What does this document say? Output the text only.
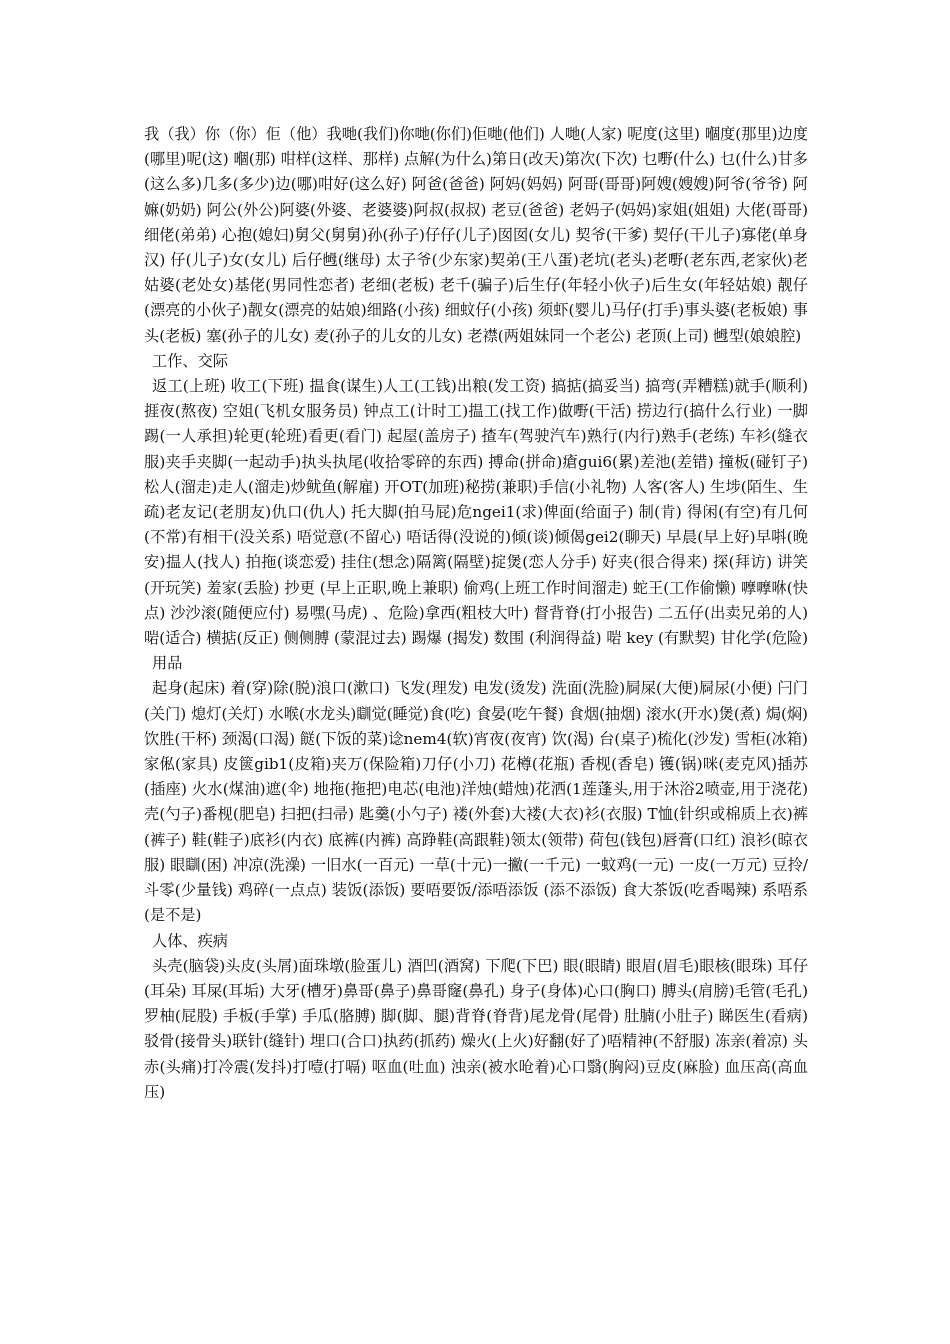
我（我）你（你）佢（他）我哋(我们)你哋(你们)佢哋(他们) 人哋(人家) 呢度(这里) 嗰度(那里)边度(哪里)呢(这) 嗰(那) 咁样(这样、那样) 点解(为什么)第日(改天)第次(下次) 乜嘢(什么) 乜(什么)甘多(这么多)几多(多少)边(哪)咁好(这么好) 阿爸(爸爸) 阿妈(妈妈) 阿哥(哥哥)阿嫂(嫂嫂)阿爷(爷爷) 阿嫲(奶奶) 阿公(外公)阿婆(外婆、老婆婆)阿叔(叔叔) 老豆(爸爸) 老妈子(妈妈)家姐(姐姐) 大佬(哥哥)细佬(弟弟) 心抱(媳妇)舅父(舅舅)孙(孙子)仔仔(儿子)囡囡(女儿) 契爷(干爹) 契仔(干儿子)寡佬(单身汉) 仔(儿子)女(女儿) 后仔乸(继母) 太子爷(少东家)契弟(王八蛋)老坑(老头)老嘢(老东西,老家伙)老姑婆(老处女)基佬(男同性恋者) 老细(老板) 老千(骗子)后生仔(年轻小伙子)后生女(年轻姑娘) 靓仔(漂亮的小伙子)靓女(漂亮的姑娘)细路(小孩) 细蚊仔(小孩) 须虾(婴儿)马仔(打手)事头婆(老板娘) 事头(老板) 塞(孙子的儿女) 麦(孙子的儿女的儿女) 老襟(两姐妹同一个老公) 老顶(上司) 乸型(娘娘腔)

工作、交际

返工(上班) 收工(下班) 揾食(谋生)人工(工钱)出粮(发工资) 搞掂(搞妥当) 搞弯(弄糟糕)就手(顺利)捱夜(熬夜) 空姐(飞机女服务员) 钟点工(计时工)揾工(找工作)做嘢(干活) 捞边行(搞什么行业) 一脚踢(一人承担)轮更(轮班)看更(看门) 起屋(盖房子) 揸车(驾驶汽车)熟行(内行)熟手(老练) 车衫(缝衣服)夹手夹脚(一起动手)执头执尾(收拾零碎的东西) 搏命(拼命)瘡gui6(累)差池(差错) 撞板(碰钉子) 松人(溜走)走人(溜走)炒鱿鱼(解雇) 开OT(加班)秘捞(兼职)手信(小礼物) 人客(客人) 生埗(陌生、生疏)老友记(老朋友)仇口(仇人) 托大脚(拍马屁)危ngei1(求)俾面(给面子) 制(肯) 得闲(有空)有几何(不常)有相干(没关系) 唔觉意(不留心) 唔话得(没说的)倾(谈)倾偈gei2(聊天) 早晨(早上好)早唞(晚安)揾人(找人) 拍拖(谈恋爱) 挂住(想念)隔篱(隔壁)掟煲(恋人分手) 好夹(很合得来) 探(拜访) 讲笑(开玩笑) 羞家(丢脸) 抄更 (早上正职,晚上兼职) 偷鸡(上班工作时间溜走) 蛇王(工作偷懒) 嚤嚤咻(快点) 沙沙滚(随便应付) 易嘿(马虎) 、危险)拿西(粗枝大叶) 督背脊(打小报告) 二五仔(出卖兄弟的人)啱(适合) 横掂(反正) 侧侧膊 (蒙混过去) 踢爆 (揭发) 数围 (利润得益) 啱 key (有默契) 甘化学(危险)

用品

起身(起床) 着(穿)除(脱)浪口(漱口) 飞发(理发) 电发(烫发) 洗面(洗脸)屙屎(大便)屙尿(小便) 闩门(关门) 熄灯(关灯) 水喉(水龙头)瞓觉(睡觉)食(吃) 食晏(吃午餐) 食烟(抽烟) 滚水(开水)煲(煮) 焗(焖)饮胜(干杯) 颈渴(口渴) 餸(下饭的菜)谂nem4(软)宵夜(夜宵) 饮(渴) 台(桌子)梳化(沙发) 雪柜(冰箱)家俬(家具) 皮篋gib1(皮箱)夹万(保险箱)刀仔(小刀) 花樽(花瓶) 香枧(香皂) 镬(锅)咪(麦克风)插苏(插座) 火水(煤油)遮(伞) 地拖(拖把)电芯(电池)洋烛(蜡烛)花洒(1莲蓬头,用于沐浴2喷壶,用于浇花)壳(勺子)番枧(肥皂) 扫把(扫帚) 匙羹(小勺子) 褛(外套)大褛(大衣)衫(衣服) T恤(针织或棉质上衣)裤(裤子) 鞋(鞋子)底衫(内衣) 底裤(内裤) 高踭鞋(高跟鞋)领太(领带) 荷包(钱包)唇膏(口红) 浪衫(晾衣服) 眼瞓(困) 冲凉(洗澡) 一旧水(一百元) 一草(十元)一撇(一千元) 一蚊鸡(一元) 一皮(一万元) 豆拎/斗零(少量钱) 鸡碎(一点点) 装饭(添饭) 要唔要饭/添唔添饭 (添不添饭) 食大茶饭(吃香喝辣) 系唔系(是不是)

人体、疾病

头壳(脑袋)头皮(头屑)面珠墩(脸蛋儿) 酒凹(酒窝) 下爬(下巴) 眼(眼睛) 眼眉(眉毛)眼核(眼珠) 耳仔(耳朵) 耳屎(耳垢) 大牙(槽牙)鼻哥(鼻子)鼻哥窿(鼻孔) 身子(身体)心口(胸口) 膊头(肩膀)毛管(毛孔)罗柚(屁股) 手板(手掌) 手瓜(胳膊) 脚(脚、腿)背脊(脊背)尾龙骨(尾骨) 肚腩(小肚子) 睇医生(看病)驳骨(接骨头)联针(缝针) 埋口(合口)执药(抓药) 燥火(上火)好翻(好了)唔精神(不舒服) 冻亲(着凉) 头赤(头痛)打冷震(发抖)打噎(打嗝) 呕血(吐血) 浊亲(被水呛着)心口翳(胸闷)豆皮(麻脸) 血压高(高血压)
